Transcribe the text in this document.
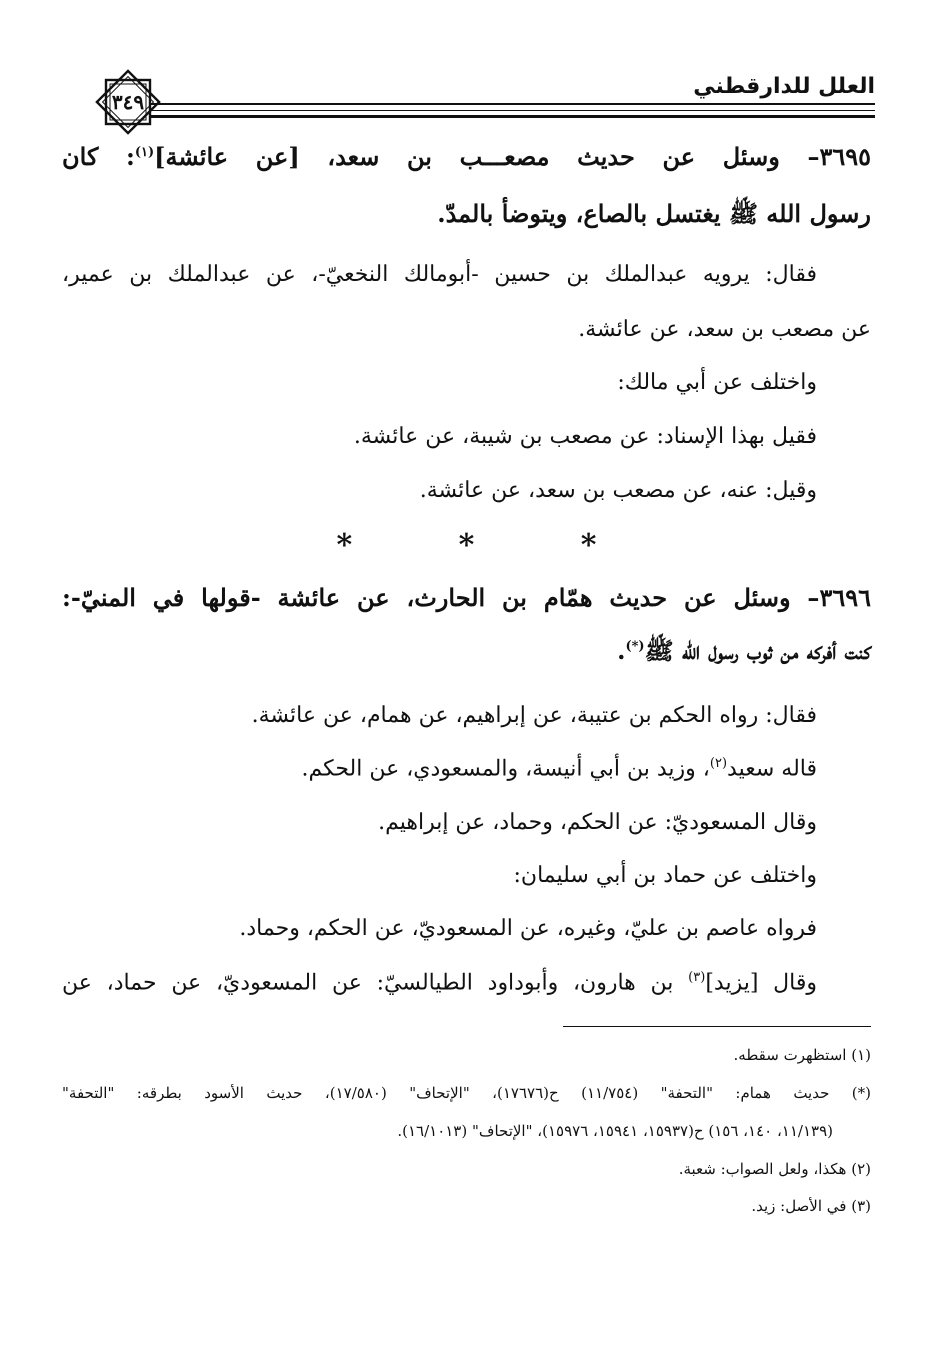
العلل للدارقطني
٣٤٩
٣٦٩٥– وسئل عن حديث مصعـــب بن سعد، [عن عائشة]$^{(١)}$: كان
رسول الله ﷺ يغتسل بالصاع، ويتوضأ بالمدّ.
فقال: يرويه عبدالملك بن حسين -أبومالك النخعيّ-، عن عبدالملك بن عمير،
عن مصعب بن سعد، عن عائشة.
واختلف عن أبي مالك:
فقيل بهذا الإسناد: عن مصعب بن شيبة، عن عائشة.
وقيل: عنه، عن مصعب بن سعد، عن عائشة.
* * *
٣٦٩٦– وسئل عن حديث همّام بن الحارث، عن عائشة -قولها في المنيّ-:
كنت أفركه من ثوب رسول الله ﷺ(*).
فقال: رواه الحكم بن عتيبة، عن إبراهيم، عن همام، عن عائشة.
قاله سعيد$^{(٢)}$، وزيد بن أبي أنيسة، والمسعودي، عن الحكم.
وقال المسعوديّ: عن الحكم، وحماد، عن إبراهيم.
واختلف عن حماد بن أبي سليمان:
فرواه عاصم بن عليّ، وغيره، عن المسعوديّ، عن الحكم، وحماد.
وقال [يزيد]$^{(٣)}$ بن هارون، وأبوداود الطيالسيّ: عن المسعوديّ، عن حماد، عن
(١) استظهرت سقطه.
(*) حديث همام: "التحفة" (١١/٧٥٤) ح(١٧٦٧٦)، "الإتحاف" (١٧/٥٨٠)، حديث الأسود بطرقه: "التحفة"
(١١/١٣٩، ١٤٠، ١٥٦) ح(١٥٩٣٧، ١٥٩٤١، ١٥٩٧٦)، "الإتحاف" (١٦/١٠١٣).
(٢) هكذا، ولعل الصواب: شعبة.
(٣) في الأصل: زيد.
